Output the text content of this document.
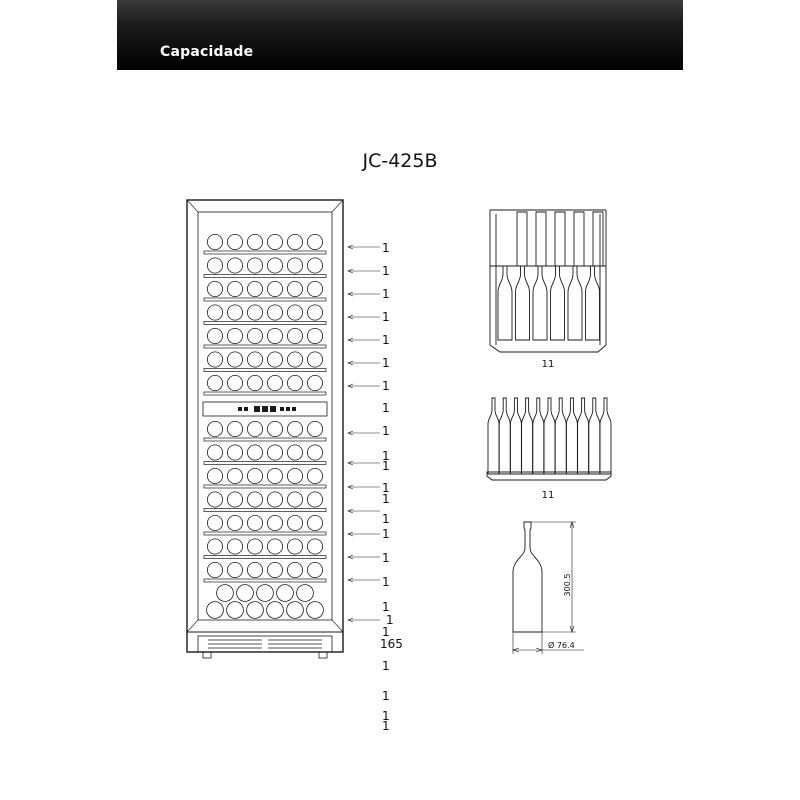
Capacidade
JC-425B
1
1
1
1
1
1
1
1
1
1
1
1
1
1
1
1
1
1
1
1
1
1
1
1
165
11
11
300.5
Ø 76.4
